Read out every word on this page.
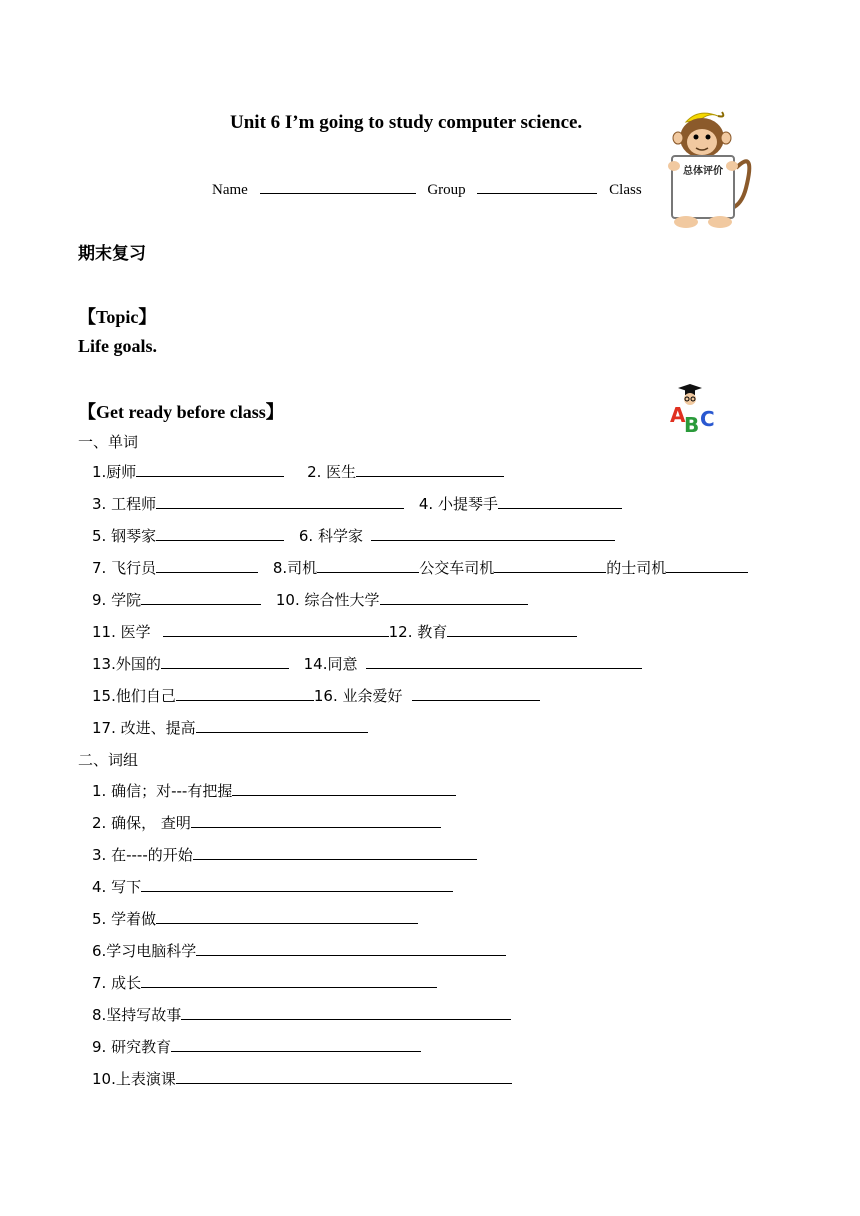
Unit 6 I’m going to study computer science.
Name	Group	Class
总体评价
期末复习
【Topic】
Life goals.
【Get ready before class】	A
B C
一、单词
1.厨师	2. 医生
3. 工程师	4. 小提琴手
5. 钢琴家	6. 科学家
7. 飞行员	8.司机	公交车司机	的士司机
9. 学院	10. 综合性大学
11. 医学	12. 教育
13.外国的	14.同意
15.他们自己	16. 业余爱好
17. 改进、提高
二、词组
1. 确信；对---有把握
2. 确保， 查明
3. 在----的开始
4. 写下
5. 学着做
6.学习电脑科学
7. 成长
8.坚持写故事
9. 研究教育
10.上表演课
